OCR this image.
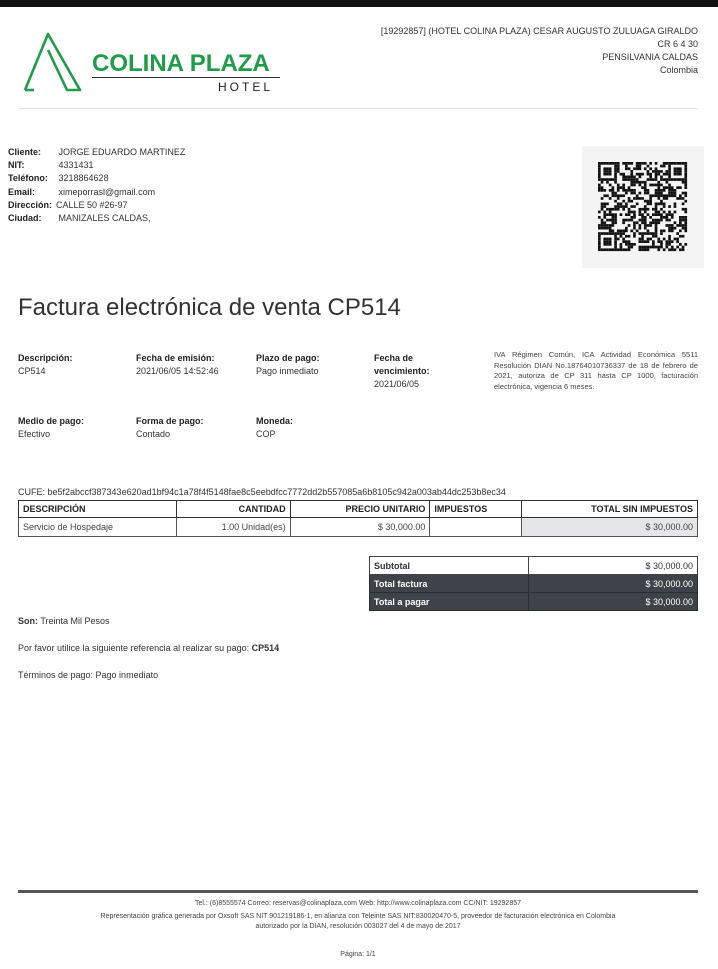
COLINA PLAZA
HOTEL
[19292857] (HOTEL COLINA PLAZA) CESAR AUGUSTO ZULUAGA GIRALDO
CR 6 4 30
PENSILVANIA CALDAS
Colombia
Cliente: JORGE EDUARDO MARTINEZ
NIT:	4331431
Teléfono: 3218864628
Email:	ximeporrasl@gmail.com
Dirección: CALLE 50 #26-97
Ciudad: MANIZALES CALDAS,
Factura electrónica de venta CP514
Descripción:
CP514
Fecha de emisión:
2021/06/05 14:52:46
Plazo de pago:
Pago inmediato
Fecha de
vencimiento:
2021/06/05
IVA Régimen Común, ICA Actividad Económica 5511 Resolución DIAN No.18764010736337 de 18 de febrero de 2021, autoriza de CP 311 hasta CP 1000, facturación electrónica, vigencia 6 meses.
Medio de pago:
Efectivo
Forma de pago:
Contado
Moneda:
COP
CUFE: be5f2abccf387343e620ad1bf94c1a78f4f5148fae8c5eebdfcc7772dd2b557085a6b8105c942a003ab44dc253b8ec34
DESCRIPCIÓN	CANTIDAD	PRECIO UNITARIO	IMPUESTOS	TOTAL SIN IMPUESTOS
Servicio de Hospedaje	1.00 Unidad(es)	$ 30,000.00		$ 30,000.00
Subtotal	$ 30,000.00
Total factura	$ 30,000.00
Total a pagar	$ 30,000.00
Son: Treinta Mil Pesos
Por favor utilice la siguiente referencia al realizar su pago: CP514
Términos de pago: Pago inmediato
Tel.: (6)8555574 Correo: reservas@colinaplaza.com Web: http://www.colinaplaza.com CC/NIT: 19292857
Representación gráfica generada por Oxsoft SAS NIT 901219186-1, en alianza con Teleinte SAS NIT:830020470-5, proveedor de facturación electrónica en Colombia
autorizado por la DIAN, resolución 003027 del 4 de mayo de 2017
Página: 1/1
